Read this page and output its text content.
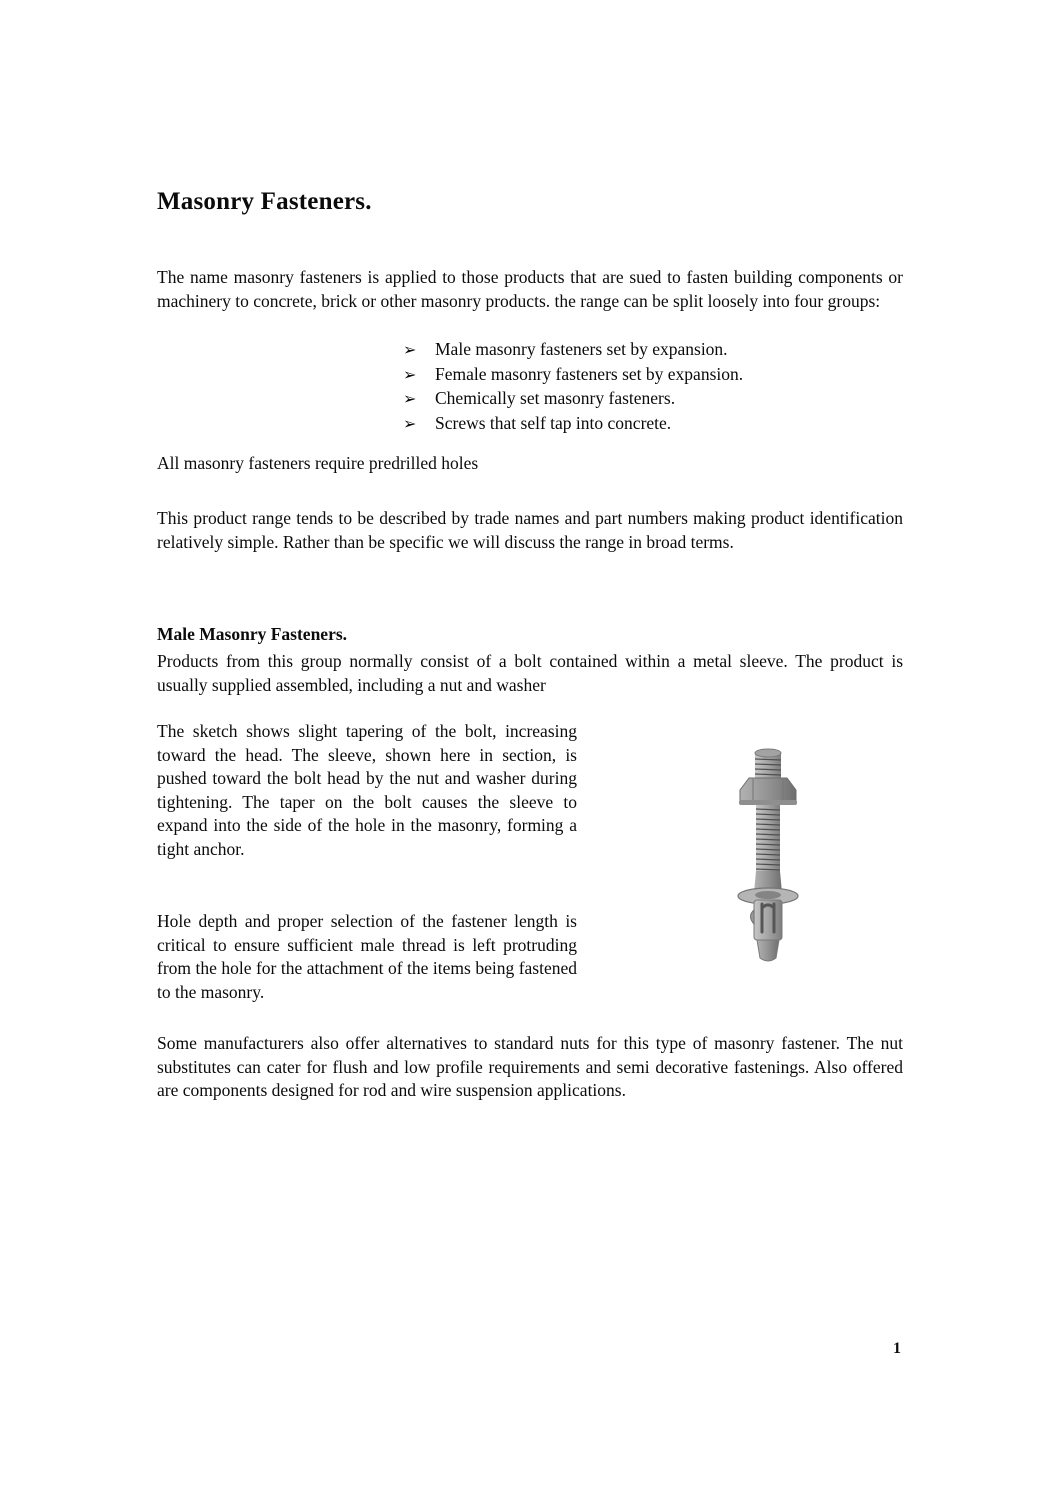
Masonry Fasteners.

The name masonry fasteners is applied to those products that are sued to fasten building components or machinery to concrete, brick or other masonry products. the range can be split loosely into four groups:

➢	Male masonry fasteners set by expansion.
➢	Female masonry fasteners set by expansion.
➢	Chemically set masonry fasteners.
➢	Screws that self tap into concrete.

All masonry fasteners require predrilled holes

This product range tends to be described by trade names and part numbers making product identification relatively simple. Rather than be specific we will discuss the range in broad terms.

Male Masonry Fasteners.

Products from this group normally consist of a bolt contained within a metal sleeve. The product is usually supplied assembled, including a nut and washer

The sketch shows slight tapering of the bolt, increasing toward the head. The sleeve, shown here in section, is pushed toward the bolt head by the nut and washer during tightening. The taper on the bolt causes the sleeve to expand into the side of the hole in the masonry, forming a tight anchor.

Hole depth and proper selection of the fastener length is critical to ensure sufficient male thread is left protruding from the hole for the attachment of the items being fastened to the masonry.

Some manufacturers also offer alternatives to standard nuts for this type of masonry fastener. The nut substitutes can cater for flush and low profile requirements and semi decorative fastenings. Also offered are components designed for rod and wire suspension applications.

1
